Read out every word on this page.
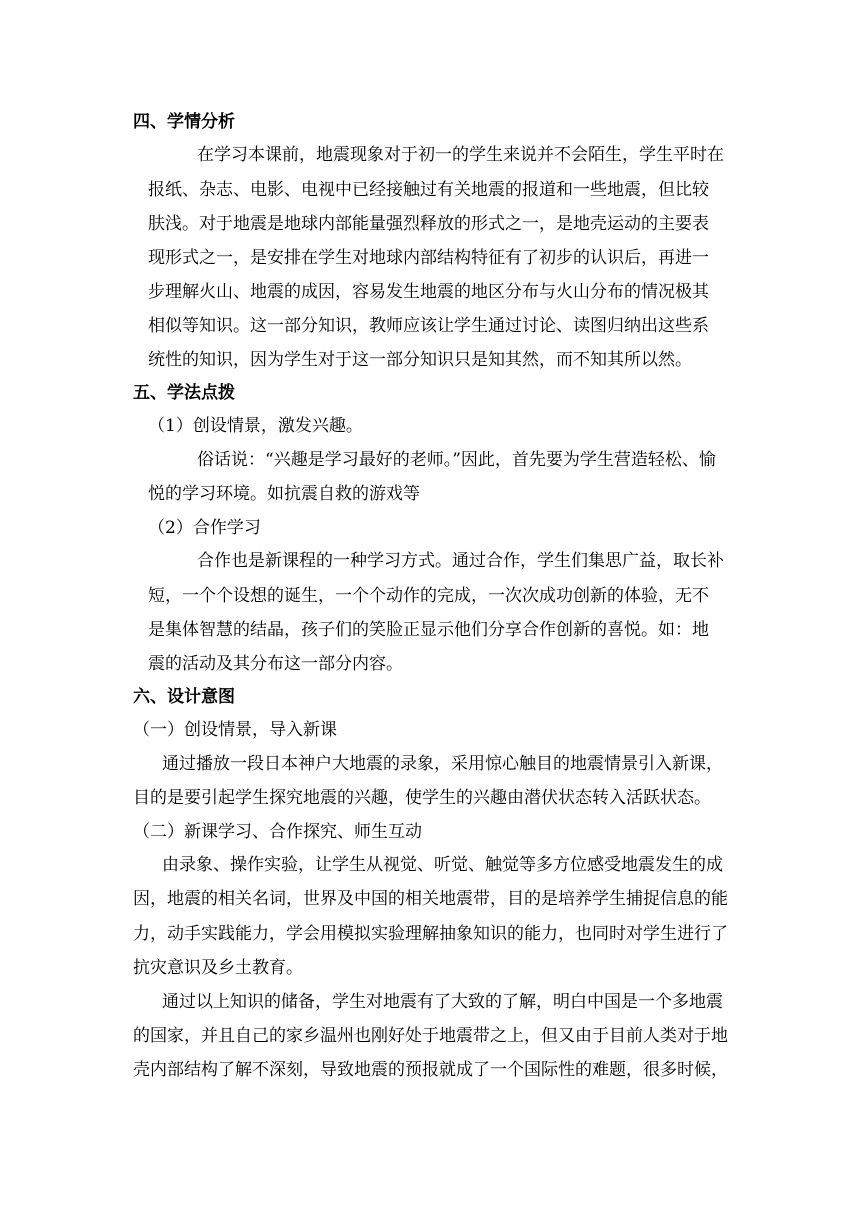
四、学情分析
在学习本课前，地震现象对于初一的学生来说并不会陌生，学生平时在
报纸、杂志、电影、电视中已经接触过有关地震的报道和一些地震，但比较
肤浅。对于地震是地球内部能量强烈释放的形式之一，是地壳运动的主要表
现形式之一，是安排在学生对地球内部结构特征有了初步的认识后，再进一
步理解火山、地震的成因，容易发生地震的地区分布与火山分布的情况极其
相似等知识。这一部分知识，教师应该让学生通过讨论、读图归纳出这些系
统性的知识，因为学生对于这一部分知识只是知其然，而不知其所以然。
五、学法点拨
（1）创设情景，激发兴趣。
俗话说：“兴趣是学习最好的老师。”因此，首先要为学生营造轻松、愉
悦的学习环境。如抗震自救的游戏等
（2）合作学习
合作也是新课程的一种学习方式。通过合作，学生们集思广益，取长补
短，一个个设想的诞生，一个个动作的完成，一次次成功创新的体验，无不
是集体智慧的结晶，孩子们的笑脸正显示他们分享合作创新的喜悦。如：地
震的活动及其分布这一部分内容。
六、设计意图
（一）创设情景，导入新课
通过播放一段日本神户大地震的录象，采用惊心触目的地震情景引入新课，
目的是要引起学生探究地震的兴趣，使学生的兴趣由潜伏状态转入活跃状态。
（二）新课学习、合作探究、师生互动
由录象、操作实验，让学生从视觉、听觉、触觉等多方位感受地震发生的成
因，地震的相关名词，世界及中国的相关地震带，目的是培养学生捕捉信息的能
力，动手实践能力，学会用模拟实验理解抽象知识的能力，也同时对学生进行了
抗灾意识及乡土教育。
通过以上知识的储备，学生对地震有了大致的了解，明白中国是一个多地震
的国家，并且自己的家乡温州也刚好处于地震带之上，但又由于目前人类对于地
壳内部结构了解不深刻，导致地震的预报就成了一个国际性的难题，很多时候，
